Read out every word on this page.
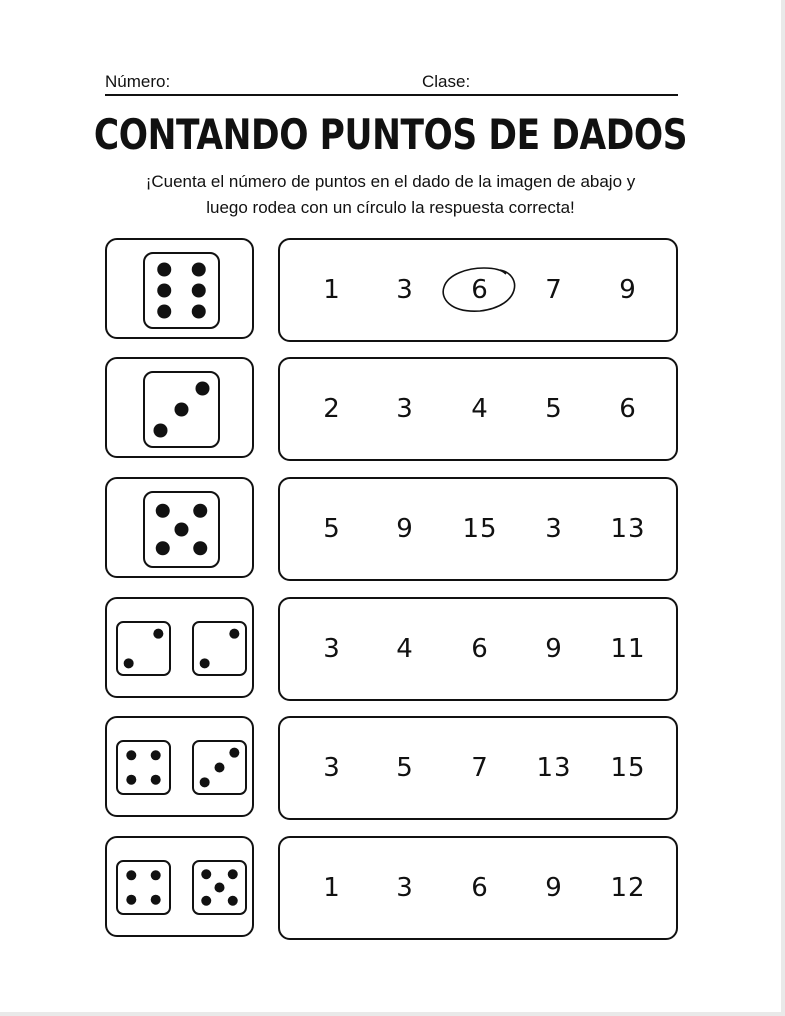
Número:	Clase:
CONTANDO PUNTOS DE DADOS
¡Cuenta el número de puntos en el dado de la imagen de abajo y
luego rodea con un círculo la respuesta correcta!
1 3 6 7 9
2 3 4 5 6
5 9 15 3 13
3 4 6 9 11
3 5 7 13 15
1 3 6 9 12
